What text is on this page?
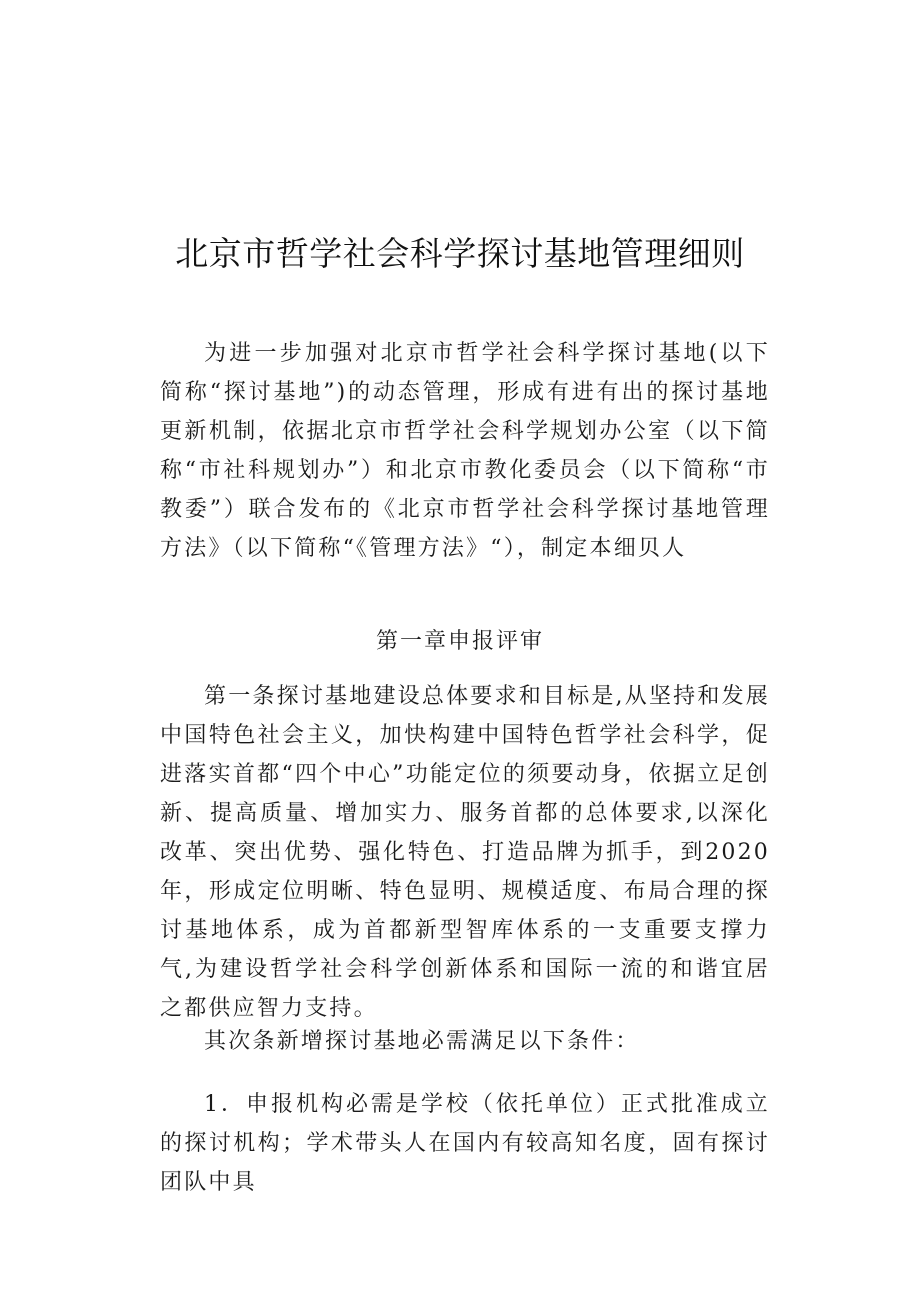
北京市哲学社会科学探讨基地管理细则
为进一步加强对北京市哲学社会科学探讨基地(以下简称“探讨基地”)的动态管理，形成有进有出的探讨基地更新机制，依据北京市哲学社会科学规划办公室（以下简称“市社科规划办”）和北京市教化委员会（以下简称“市教委”）联合发布的《北京市哲学社会科学探讨基地管理方法》（以下简称“《管理方法》“），制定本细贝人
第一章申报评审
第一条探讨基地建设总体要求和目标是,从坚持和发展中国特色社会主义，加快构建中国特色哲学社会科学，促进落实首都“四个中心”功能定位的须要动身，依据立足创新、提高质量、增加实力、服务首都的总体要求,以深化改革、突出优势、强化特色、打造品牌为抓手，到2020年，形成定位明晰、特色显明、规模适度、布局合理的探讨基地体系，成为首都新型智库体系的一支重要支撑力气,为建设哲学社会科学创新体系和国际一流的和谐宜居之都供应智力支持。
其次条新增探讨基地必需满足以下条件：
1．申报机构必需是学校（依托单位）正式批准成立的探讨机构；学术带头人在国内有较高知名度，固有探讨团队中具
